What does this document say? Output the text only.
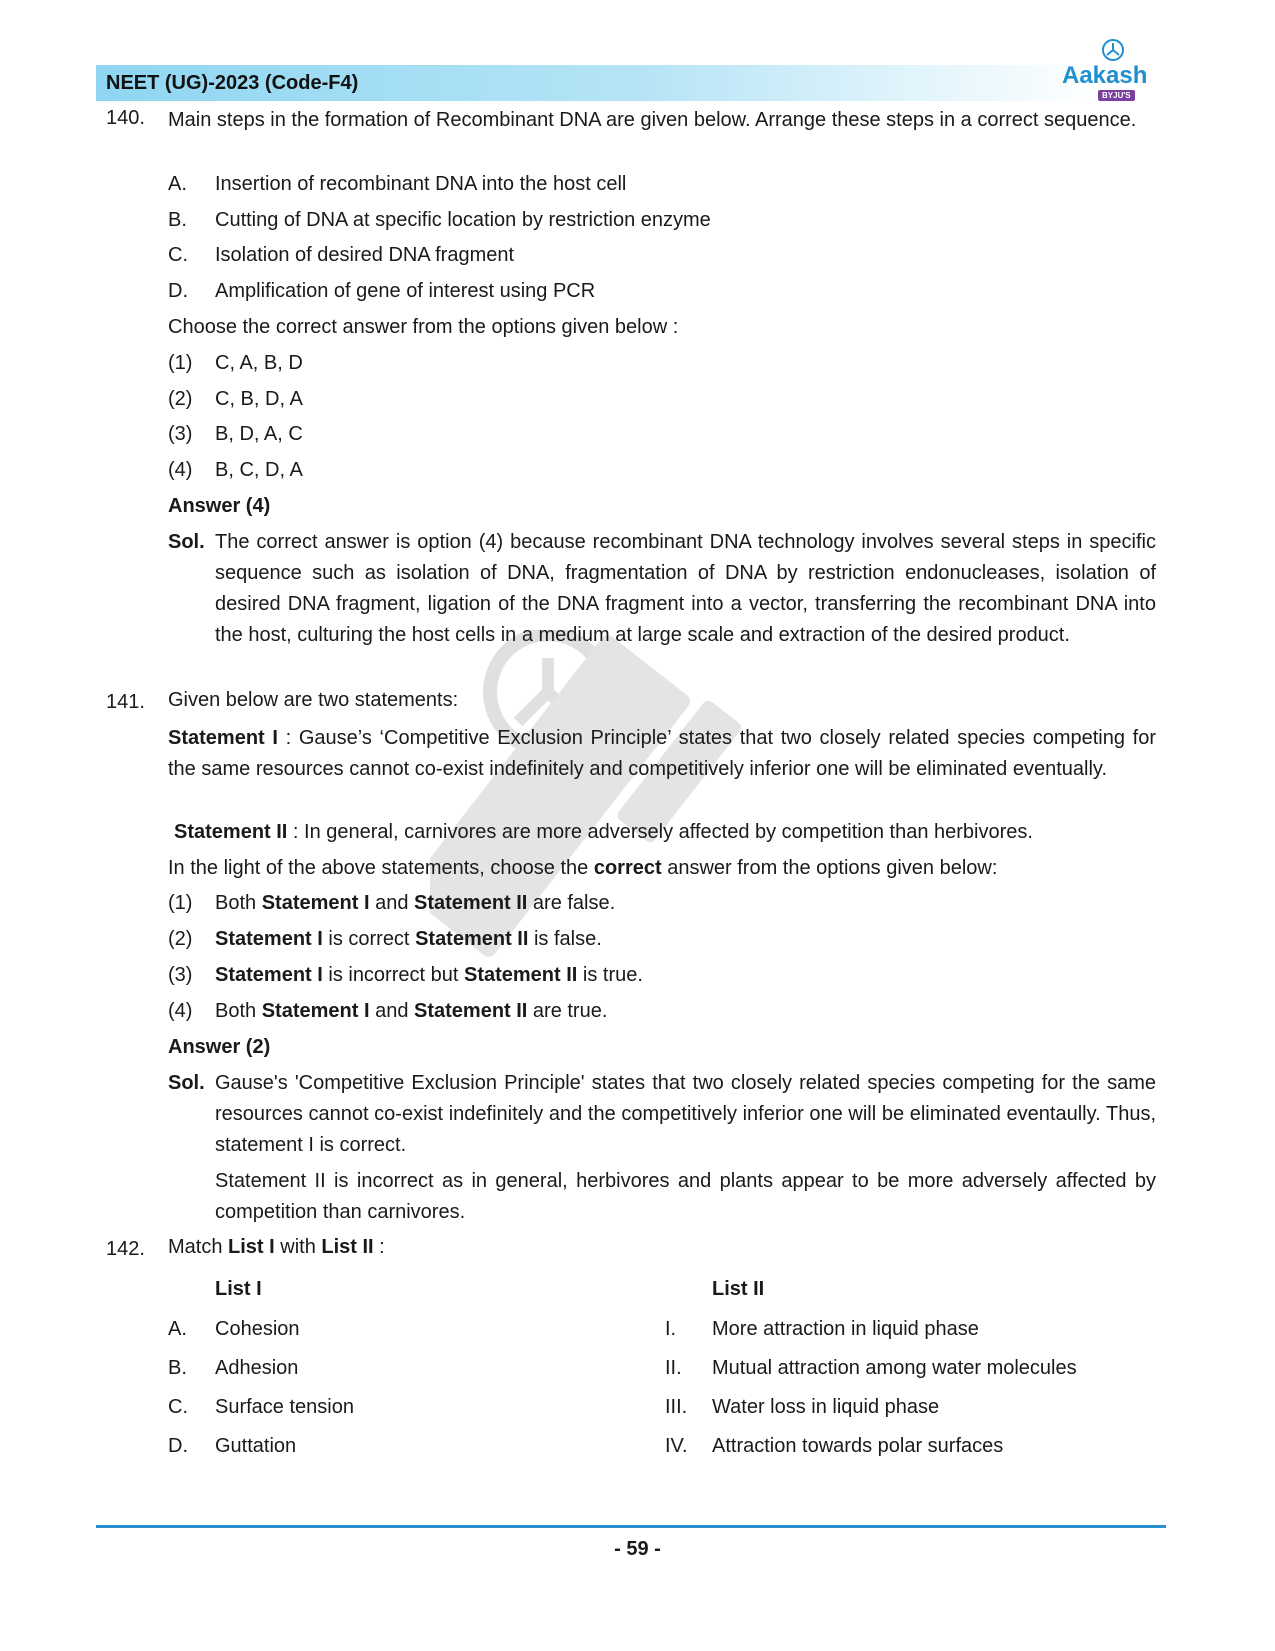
NEET (UG)-2023 (Code-F4)	Aakash
BYJU'S
140. Main steps in the formation of Recombinant DNA are given below. Arrange these steps in a correct sequence.
A. Insertion of recombinant DNA into the host cell
B. Cutting of DNA at specific location by restriction enzyme
C. Isolation of desired DNA fragment
D. Amplification of gene of interest using PCR
Choose the correct answer from the options given below :
(1) C, A, B, D
(2) C, B, D, A
(3) B, D, A, C
(4) B, C, D, A
Answer (4)
Sol. The correct answer is option (4) because recombinant DNA technology involves several steps in specific sequence such as isolation of DNA, fragmentation of DNA by restriction endonucleases, isolation of desired DNA fragment, ligation of the DNA fragment into a vector, transferring the recombinant DNA into the host, culturing the host cells in a medium at large scale and extraction of the desired product.
141. Given below are two statements:
Statement I : Gause’s ‘Competitive Exclusion Principle’ states that two closely related species competing for the same resources cannot co-exist indefinitely and competitively inferior one will be eliminated eventually.
Statement II : In general, carnivores are more adversely affected by competition than herbivores.
In the light of the above statements, choose the correct answer from the options given below:
(1) Both Statement I and Statement II are false.
(2) Statement I is correct Statement II is false.
(3) Statement I is incorrect but Statement II is true.
(4) Both Statement I and Statement II are true.
Answer (2)
Sol. Gause's 'Competitive Exclusion Principle' states that two closely related species competing for the same resources cannot co-exist indefinitely and the competitively inferior one will be eliminated eventaully. Thus, statement I is correct.
Statement II is incorrect as in general, herbivores and plants appear to be more adversely affected by competition than carnivores.
142. Match List I with List II :
List I	List II
A. Cohesion
B. Adhesion
C. Surface tension
D. Guttation
I. More attraction in liquid phase
II. Mutual attraction among water molecules
III. Water loss in liquid phase
IV. Attraction towards polar surfaces
- 59 -
